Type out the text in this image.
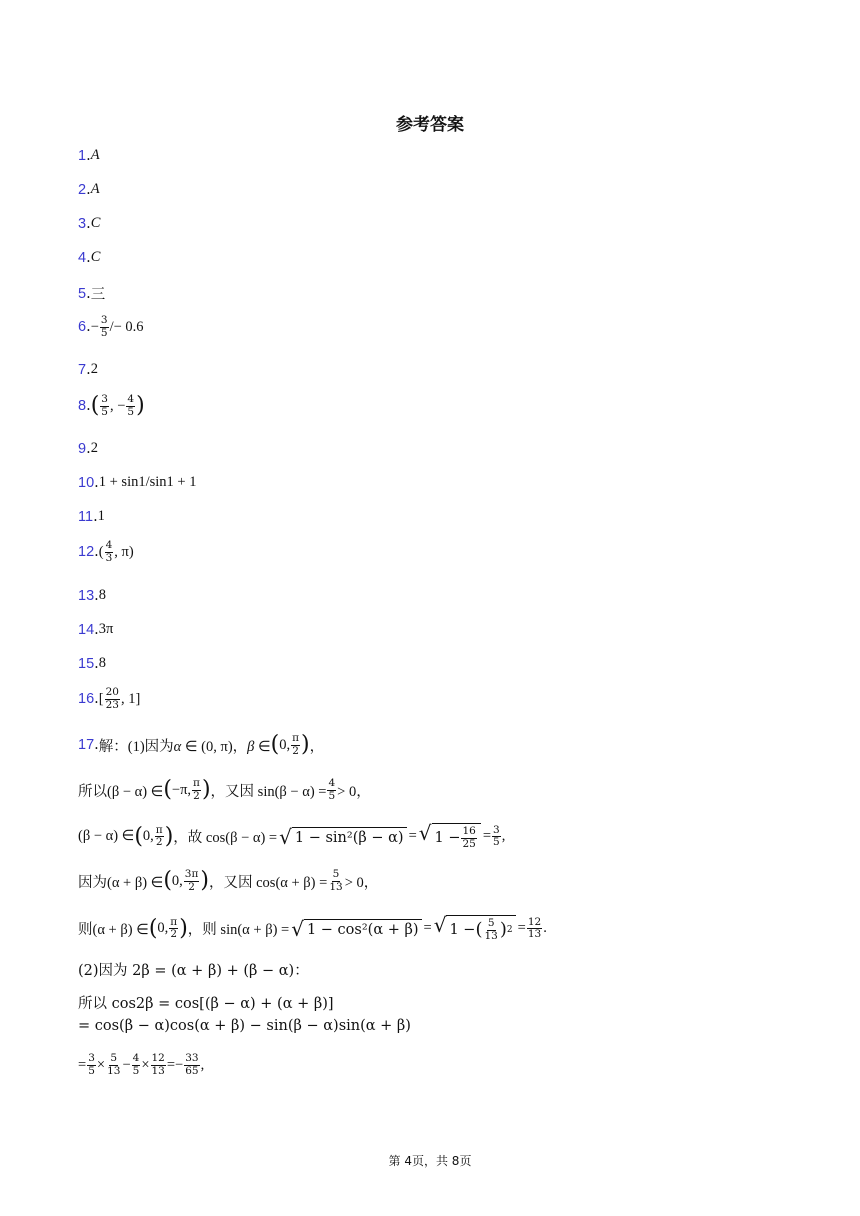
参考答案
1 . A
2 . A
3 . C
4 . C
5 . 三
6 . − $\frac{3}{5} /- 0.6$
7 . 2
8 . ( $\frac{3}{5}$ , − $\frac{4}{5}$ )
9 . 2
10 . 1 + sin1/sin1 + 1
11 . 1
12 . ( $\frac{4}{3}$ , π)
13 . 8
14 . 3π
15 . 8
16 . [ $\frac{20}{23}$ , 1]
17 . 解：(1)因为 α ∈ (0, π)，β ∈ ( 0, $\frac{\pi}{2}$ ) ，
所以(β − α) ∈ ( −π, $\frac{\pi}{2}$ ) ，又因 $\sin(\beta - \alpha) = \frac{4}{5} > 0$，
(β − α) ∈ ( 0, $\frac{\pi}{2}$ ) ，故 cos(β − α) = √ 1 − sin²(β − α) = √ $1 - \frac{16}{25} = \frac{3}{5}$ ,
因为(α + β) ∈ ( 0, $\frac{3\pi}{2}$ ) ，又因 $\cos(\alpha + \beta) = \frac{5}{13} > 0$，
则(α + β) ∈ ( 0, $\frac{\pi}{2}$ ) ，则 sin(α + β) = √ 1 − cos²(α + β) = √ 1 − ( $\frac{5}{13}$ ) $2 = \frac{12}{13}$ .
(2)因为 2β = (α + β) + (β − α)：
所以 cos2β = cos[(β − α) + (α + β)]
= cos(β − α)cos(α + β) − sin(β − α)sin(α + β)
= $\frac{3}{5} \times \frac{5}{13} - \frac{4}{5} \times \frac{12}{13} =- \frac{33}{65}$ ,
第 4页，共 8页
